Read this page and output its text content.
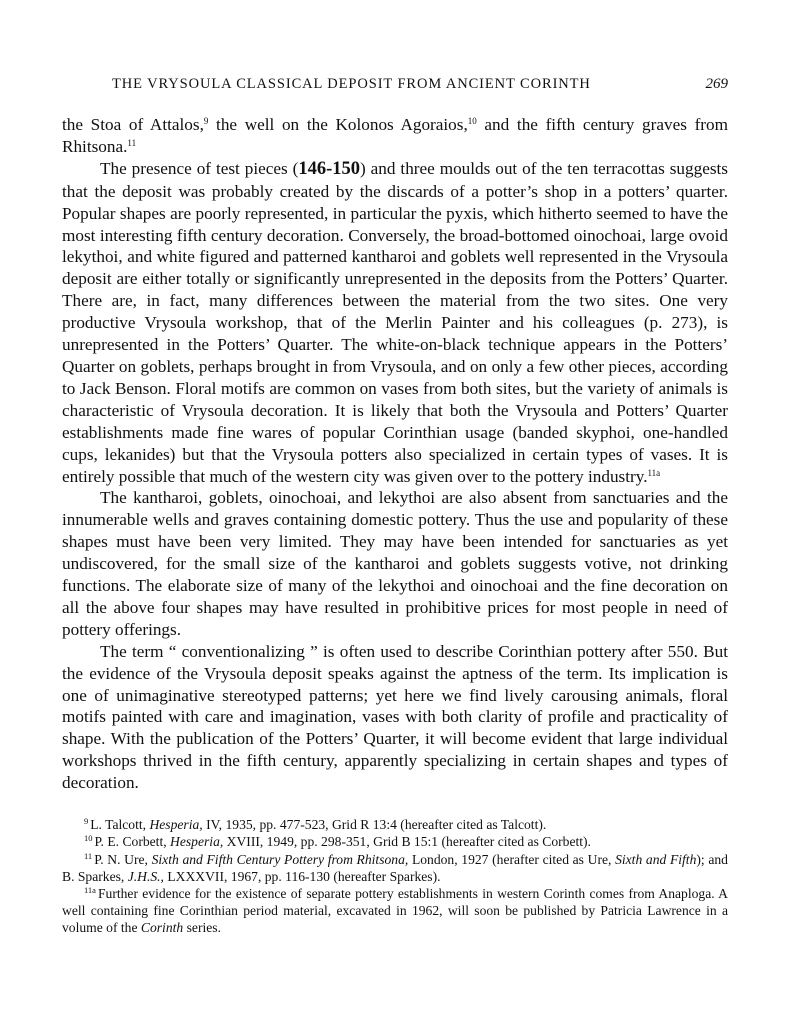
THE VRYSOULA CLASSICAL DEPOSIT FROM ANCIENT CORINTH	269

the Stoa of Attalos,$^9$ the well on the Kolonos Agoraios,$^{10}$ and the fifth century graves from Rhitsona.$^{11}$

The presence of test pieces (146-150) and three moulds out of the ten terracottas suggests that the deposit was probably created by the discards of a potter’s shop in a potters’ quarter. Popular shapes are poorly represented, in particular the pyxis, which hitherto seemed to have the most interesting fifth century decoration. Conversely, the broad-bottomed oinochoai, large ovoid lekythoi, and white figured and patterned kantharoi and goblets well represented in the Vrysoula deposit are either totally or significantly unrepresented in the deposits from the Potters’ Quarter. There are, in fact, many differences between the material from the two sites. One very productive Vrysoula workshop, that of the Merlin Painter and his colleagues (p. 273), is unrepresented in the Potters’ Quarter. The white-on-black technique appears in the Potters’ Quarter on goblets, perhaps brought in from Vrysoula, and on only a few other pieces, according to Jack Benson. Floral motifs are common on vases from both sites, but the variety of animals is characteristic of Vrysoula decoration. It is likely that both the Vrysoula and Potters’ Quarter establishments made fine wares of popular Corinthian usage (banded skyphoi, one-handled cups, lekanides) but that the Vrysoula potters also specialized in certain types of vases. It is entirely possible that much of the western city was given over to the pottery industry.$^{11a}$

The kantharoi, goblets, oinochoai, and lekythoi are also absent from sanctuaries and the innumerable wells and graves containing domestic pottery. Thus the use and popularity of these shapes must have been very limited. They may have been intended for sanctuaries as yet undiscovered, for the small size of the kantharoi and goblets suggests votive, not drinking functions. The elaborate size of many of the lekythoi and oinochoai and the fine decoration on all the above four shapes may have resulted in prohibitive prices for most people in need of pottery offerings.

The term “ conventionalizing ” is often used to describe Corinthian pottery after 550. But the evidence of the Vrysoula deposit speaks against the aptness of the term. Its implication is one of unimaginative stereotyped patterns; yet here we find lively carousing animals, floral motifs painted with care and imagination, vases with both clarity of profile and practicality of shape. With the publication of the Potters’ Quarter, it will become evident that large individual workshops thrived in the fifth century, apparently specializing in certain shapes and types of decoration.

$^9$ L. Talcott, Hesperia, IV, 1935, pp. 477-523, Grid R 13:4 (hereafter cited as Talcott).

$^{10}$ P. E. Corbett, Hesperia, XVIII, 1949, pp. 298-351, Grid B 15:1 (hereafter cited as Corbett).

$^{11}$ P. N. Ure, Sixth and Fifth Century Pottery from Rhitsona, London, 1927 (herafter cited as Ure, Sixth and Fifth); and B. Sparkes, J.H.S., LXXXVII, 1967, pp. 116-130 (hereafter Sparkes).

$^{11a}$ Further evidence for the existence of separate pottery establishments in western Corinth comes from Anaploga. A well containing fine Corinthian period material, excavated in 1962, will soon be published by Patricia Lawrence in a volume of the Corinth series.
